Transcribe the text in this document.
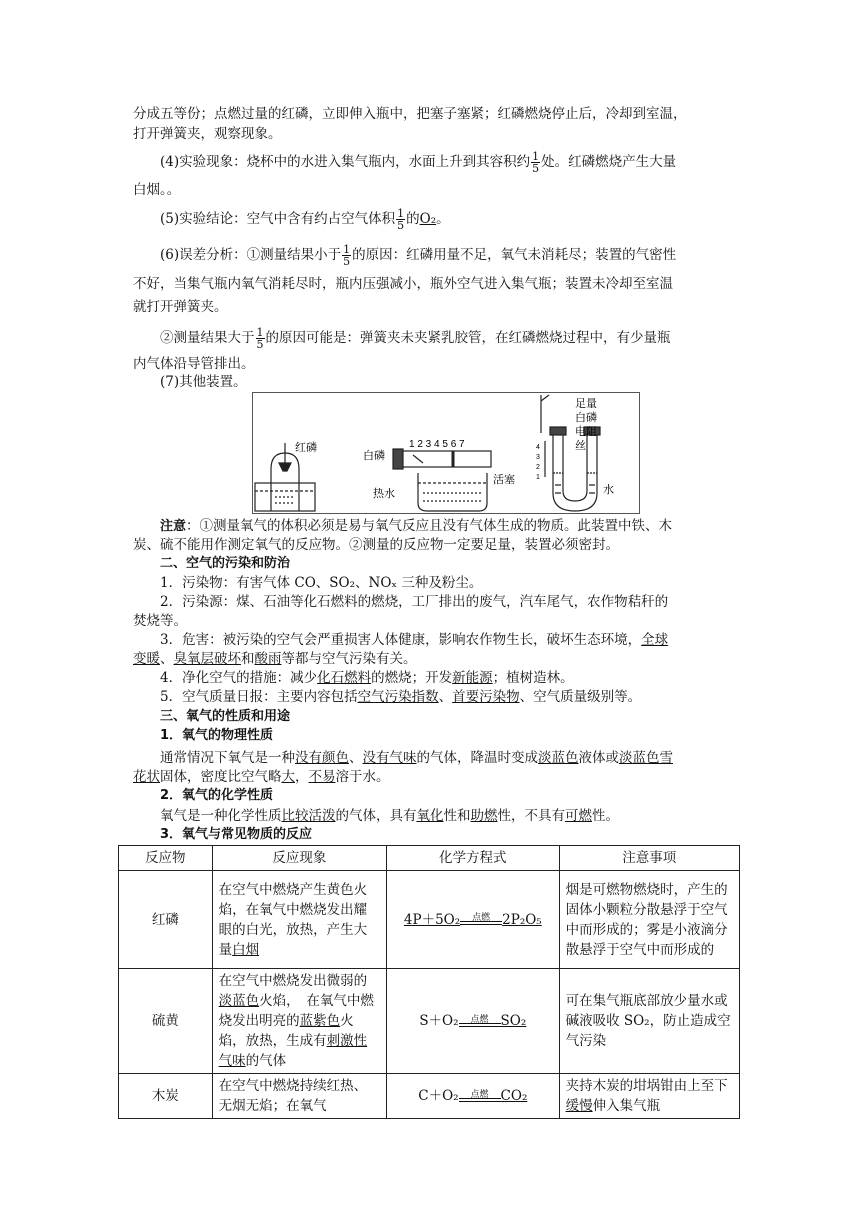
分成五等份；点燃过量的红磷，立即伸入瓶中，把塞子塞紧；红磷燃烧停止后，冷却到室温，
打开弹簧夹，观察现象。
(4)实验现象：烧杯中的水进入集气瓶内，水面上升到其容积约 $\frac{1}{5}$ 处。红磷燃烧产生大量
白烟。。
(5)实验结论：空气中含有约占空气体积 $\frac{1}{5}$ 的O₂。
(6)误差分析：①测量结果小于 $\frac{1}{5}$ 的原因：红磷用量不足，氧气未消耗尽；装置的气密性
不好，当集气瓶内氧气消耗尽时，瓶内压强减小，瓶外空气进入集气瓶；装置未冷却至室温
就打开弹簧夹。
②测量结果大于 $\frac{1}{5}$ 的原因可能是：弹簧夹未夹紧乳胶管，在红磷燃烧过程中，有少量瓶
内气体沿导管排出。
(7)其他装置。
红磷
白磷
1 2 3 4 5 6 7
活塞
热水
4
3
2
1
足量
白磷
电阻
丝
水
注意：①测量氧气的体积必须是易与氧气反应且没有气体生成的物质。此装置中铁、木
炭、硫不能用作测定氧气的反应物。②测量的反应物一定要足量，装置必须密封。
二、空气的污染和防治
1．污染物：有害气体 CO、SO₂、NOₓ 三种及粉尘。
2．污染源：煤、石油等化石燃料的燃烧，工厂排出的废气，汽车尾气，农作物秸秆的
焚烧等。
3．危害：被污染的空气会严重损害人体健康，影响农作物生长，破坏生态环境，全球
变暖、臭氧层破坏和酸雨等都与空气污染有关。
4．净化空气的措施：减少化石燃料的燃烧；开发新能源；植树造林。
5．空气质量日报：主要内容包括空气污染指数、首要污染物、空气质量级别等。
三、氧气的性质和用途
1．氧气的物理性质
通常情况下氧气是一种没有颜色、没有气味的气体，降温时变成淡蓝色液体或淡蓝色雪
花状固体，密度比空气略大，不易溶于水。
2．氧气的化学性质
氧气是一种化学性质比较活泼的气体，具有氧化性和助燃性，不具有可燃性。
3．氧气与常见物质的反应
反应物	反应现象	化学方程式	注意事项
红磷	在空气中燃烧产生黄色火焰，在氧气中燃烧发出耀眼的白光，放热，产生大量白烟	4P＋5O₂ 点燃 2P₂O₅	烟是可燃物燃烧时，产生的固体小颗粒分散悬浮于空气中而形成的；雾是小液滴分散悬浮于空气中而形成的
硫黄	在空气中燃烧发出微弱的淡蓝色火焰，　在氧气中燃烧发出明亮的蓝紫色火焰，放热，生成有刺激性气味的气体	S＋O₂ 点燃 SO₂	可在集气瓶底部放少量水或碱液吸收 SO₂，防止造成空气污染
木炭	在空气中燃烧持续红热、无烟无焰；在氧气	C＋O₂ 点燃 CO₂	夹持木炭的坩埚钳由上至下缓慢伸入集气瓶
